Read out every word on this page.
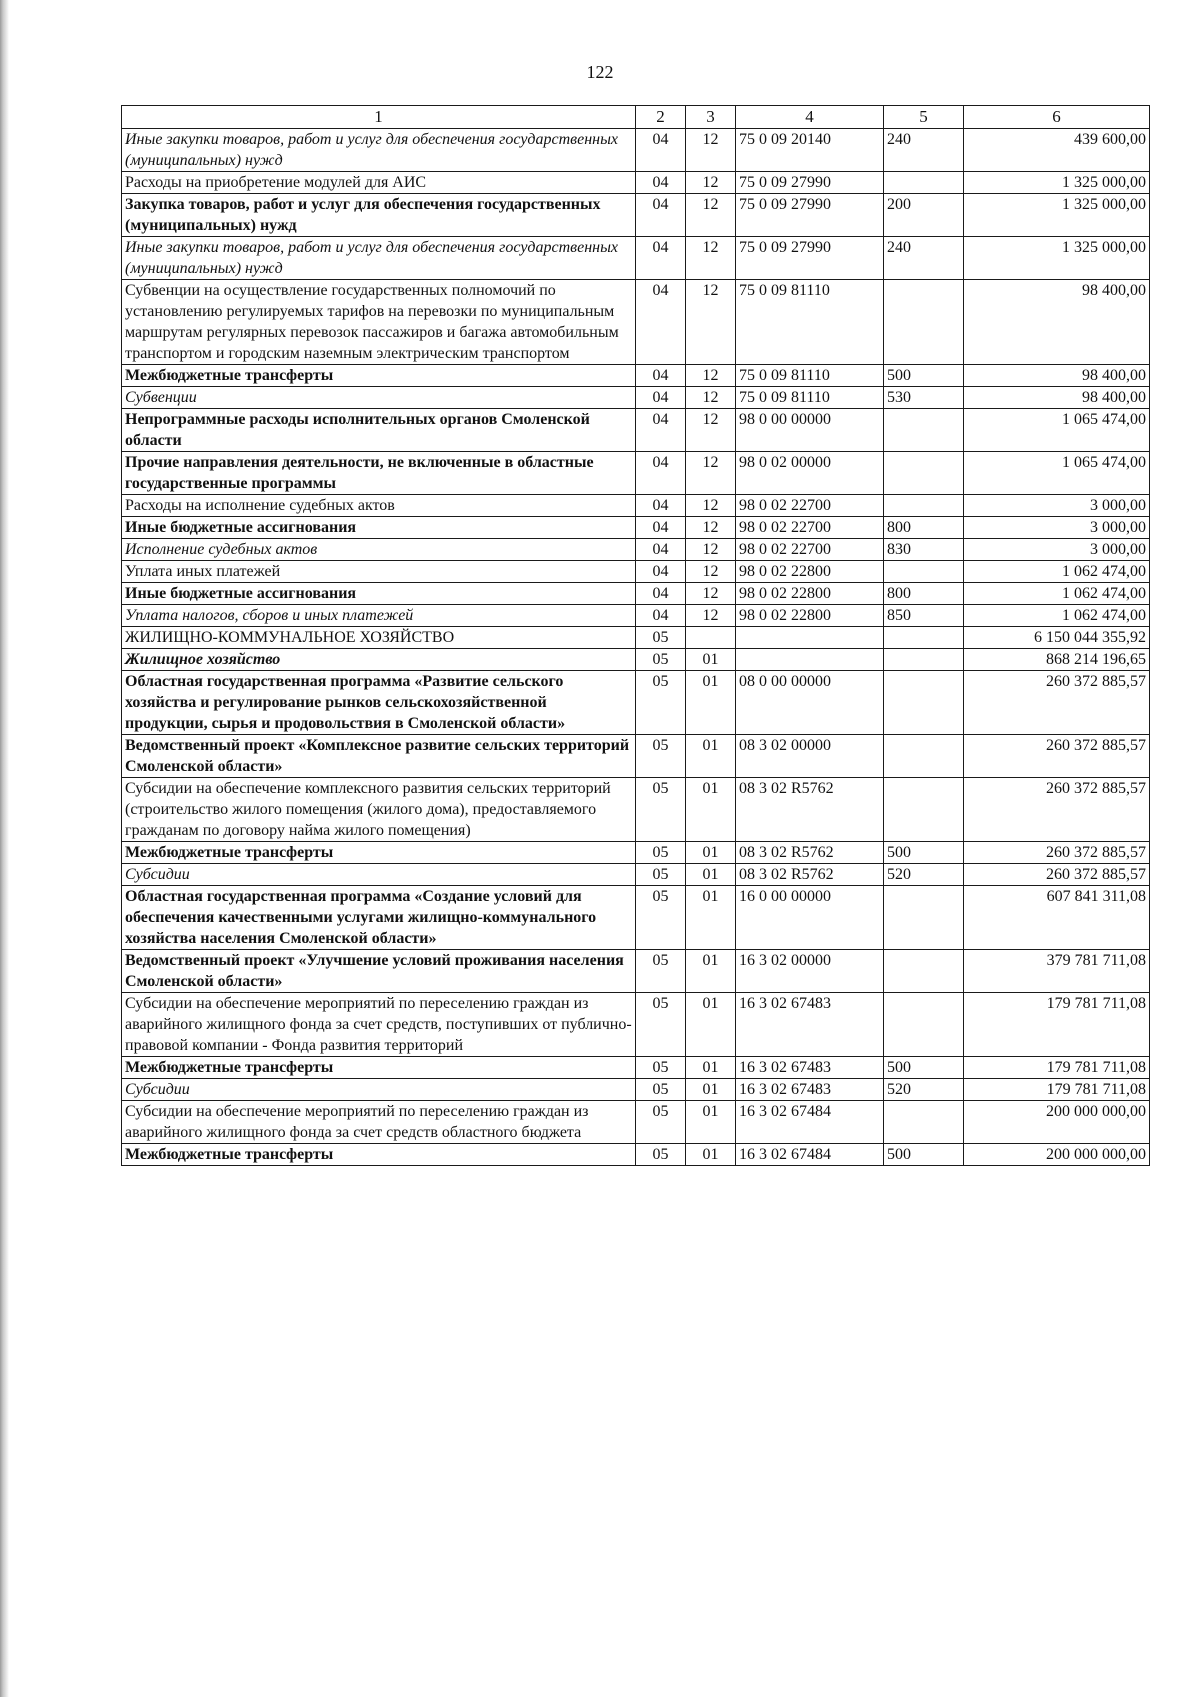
122
1	2	3	4	5	6
Иные закупки товаров, работ и услуг для обеспечения государственных (муниципальных) нужд	04	12	75 0 09 20140	240	439 600,00
Расходы на приобретение модулей для АИС	04	12	75 0 09 27990		1 325 000,00
Закупка товаров, работ и услуг для обеспечения государственных (муниципальных) нужд	04	12	75 0 09 27990	200	1 325 000,00
Иные закупки товаров, работ и услуг для обеспечения государственных (муниципальных) нужд	04	12	75 0 09 27990	240	1 325 000,00
Субвенции на осуществление государственных полномочий по установлению регулируемых тарифов на перевозки по муниципальным маршрутам регулярных перевозок пассажиров и багажа автомобильным транспортом и городским наземным электрическим транспортом	04	12	75 0 09 81110		98 400,00
Межбюджетные трансферты	04	12	75 0 09 81110	500	98 400,00
Субвенции	04	12	75 0 09 81110	530	98 400,00
Непрограммные расходы исполнительных органов Смоленской области	04	12	98 0 00 00000		1 065 474,00
Прочие направления деятельности, не включенные в областные государственные программы	04	12	98 0 02 00000		1 065 474,00
Расходы на исполнение судебных актов	04	12	98 0 02 22700		3 000,00
Иные бюджетные ассигнования	04	12	98 0 02 22700	800	3 000,00
Исполнение судебных актов	04	12	98 0 02 22700	830	3 000,00
Уплата иных платежей	04	12	98 0 02 22800		1 062 474,00
Иные бюджетные ассигнования	04	12	98 0 02 22800	800	1 062 474,00
Уплата налогов, сборов и иных платежей	04	12	98 0 02 22800	850	1 062 474,00
ЖИЛИЩНО-КОММУНАЛЬНОЕ ХОЗЯЙСТВО	05				6 150 044 355,92
Жилищное хозяйство	05	01			868 214 196,65
Областная государственная программа «Развитие сельского хозяйства и регулирование рынков сельскохозяйственной продукции, сырья и продовольствия в Смоленской области»	05	01	08 0 00 00000		260 372 885,57
Ведомственный проект «Комплексное развитие сельских территорий Смоленской области»	05	01	08 3 02 00000		260 372 885,57
Субсидии на обеспечение комплексного развития сельских территорий (строительство жилого помещения (жилого дома), предоставляемого гражданам по договору найма жилого помещения)	05	01	08 3 02 R5762		260 372 885,57
Межбюджетные трансферты	05	01	08 3 02 R5762	500	260 372 885,57
Субсидии	05	01	08 3 02 R5762	520	260 372 885,57
Областная государственная программа «Создание условий для обеспечения качественными услугами жилищно-коммунального хозяйства населения Смоленской области»	05	01	16 0 00 00000		607 841 311,08
Ведомственный проект «Улучшение условий проживания населения Смоленской области»	05	01	16 3 02 00000		379 781 711,08
Субсидии на обеспечение мероприятий по переселению граждан из аварийного жилищного фонда за счет средств, поступивших от публично-правовой компании - Фонда развития территорий	05	01	16 3 02 67483		179 781 711,08
Межбюджетные трансферты	05	01	16 3 02 67483	500	179 781 711,08
Субсидии	05	01	16 3 02 67483	520	179 781 711,08
Субсидии на обеспечение мероприятий по переселению граждан из аварийного жилищного фонда за счет средств областного бюджета	05	01	16 3 02 67484		200 000 000,00
Межбюджетные трансферты	05	01	16 3 02 67484	500	200 000 000,00
